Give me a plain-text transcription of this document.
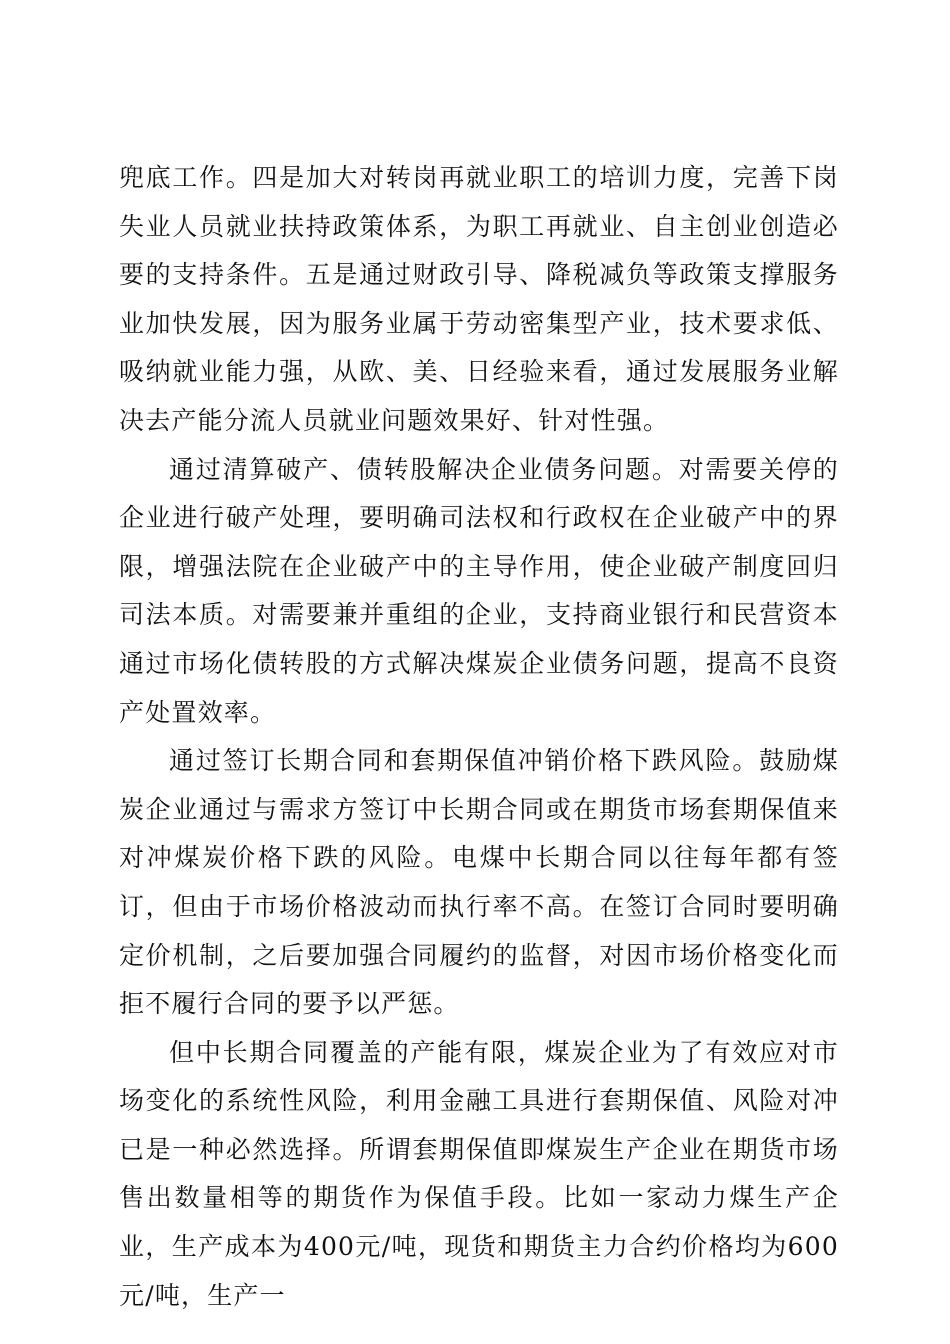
兜底工作。四是加大对转岗再就业职工的培训力度，完善下岗失业人员就业扶持政策体系，为职工再就业、自主创业创造必要的支持条件。五是通过财政引导、降税减负等政策支撑服务业加快发展，因为服务业属于劳动密集型产业，技术要求低、吸纳就业能力强，从欧、美、日经验来看，通过发展服务业解决去产能分流人员就业问题效果好、针对性强。

通过清算破产、债转股解决企业债务问题。对需要关停的企业进行破产处理，要明确司法权和行政权在企业破产中的界限，增强法院在企业破产中的主导作用，使企业破产制度回归司法本质。对需要兼并重组的企业，支持商业银行和民营资本通过市场化债转股的方式解决煤炭企业债务问题，提高不良资产处置效率。

通过签订长期合同和套期保值冲销价格下跌风险。鼓励煤炭企业通过与需求方签订中长期合同或在期货市场套期保值来对冲煤炭价格下跌的风险。电煤中长期合同以往每年都有签订，但由于市场价格波动而执行率不高。在签订合同时要明确定价机制，之后要加强合同履约的监督，对因市场价格变化而拒不履行合同的要予以严惩。

但中长期合同覆盖的产能有限，煤炭企业为了有效应对市场变化的系统性风险，利用金融工具进行套期保值、风险对冲已是一种必然选择。所谓套期保值即煤炭生产企业在期货市场售出数量相等的期货作为保值手段。比如一家动力煤生产企业，生产成本为400元/吨，现货和期货主力合约价格均为600元/吨，生产一
